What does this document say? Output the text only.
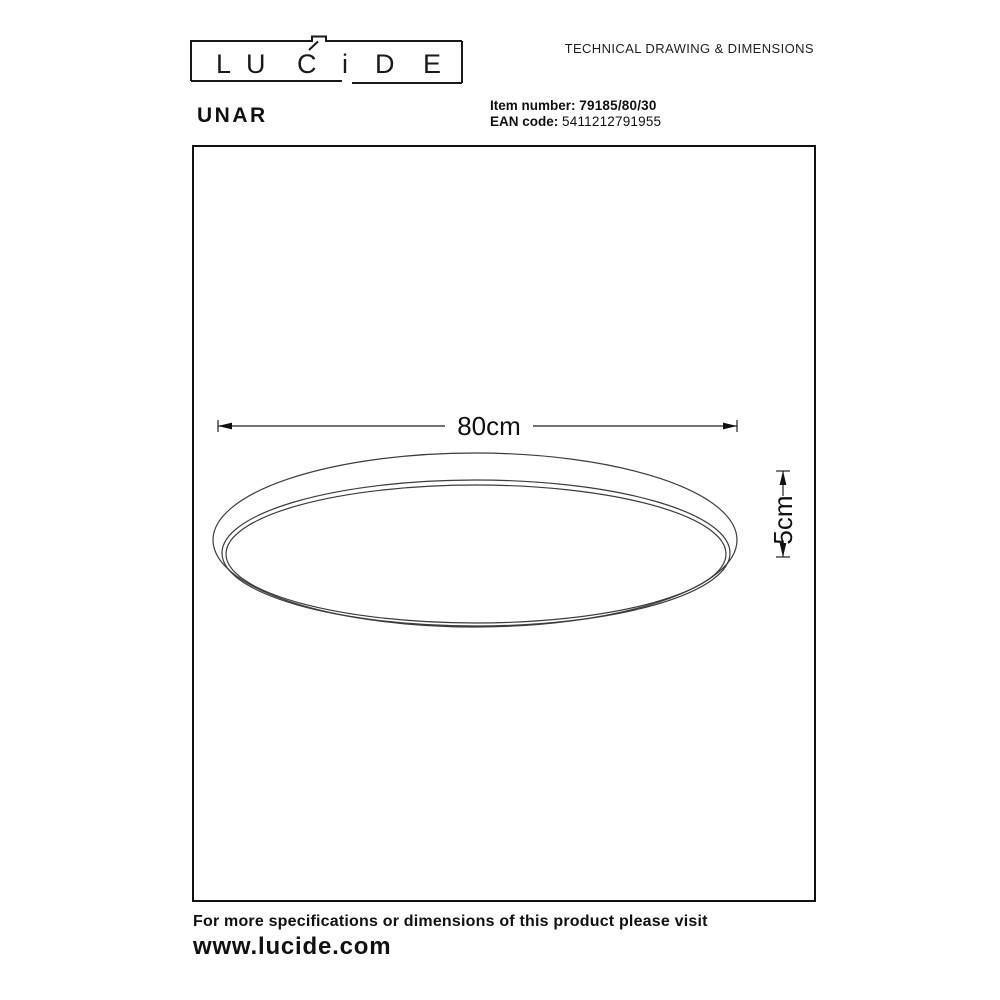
L U C i D E
TECHNICAL DRAWING & DIMENSIONS
UNAR	Item number: 79185/80/30
EAN code: 5411212791955
80cm
5cm
For more specifications or dimensions of this product please visit
www.lucide.com
